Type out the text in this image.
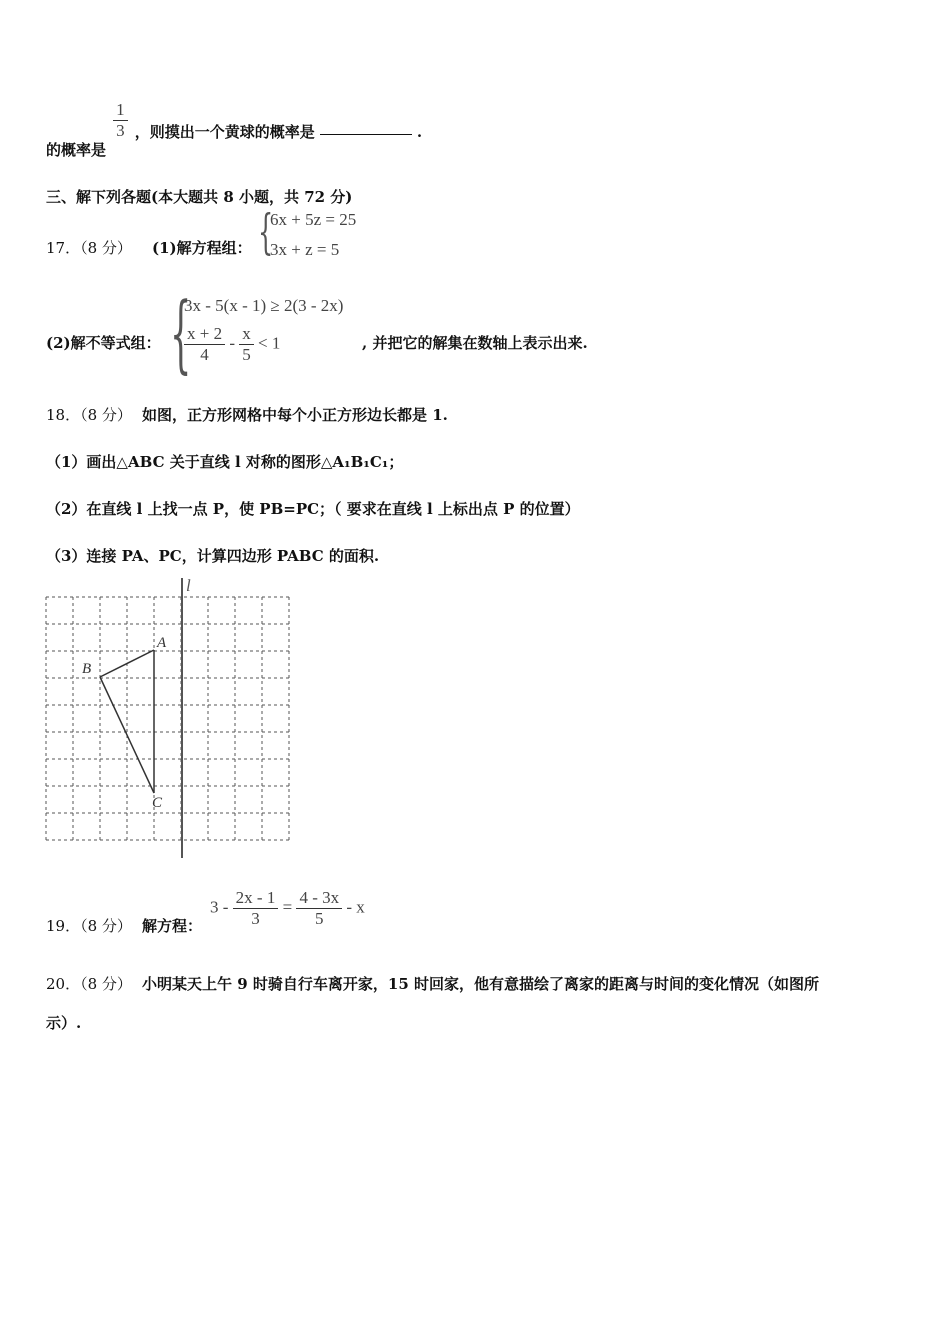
的概率是
$\frac{1}{3}$ ，则摸出一个黄球的概率是	.
三、解下列各题(本大题共 8 小题，共 72 分)
17．（8 分） (1)解方程组： {
6x + 5z = 25
3x + z = 5
(2)解不等式组： {
3x - 5(x - 1) ≥ 2(3 - 2x)
$\frac{x + 2}{4} - \frac{x}{5} < 1$	, 并把它的解集在数轴上表示出来.
18．（8 分） 如图，正方形网格中每个小正方形边长都是 1.
（1）画出△ABC 关于直线 l 对称的图形△A₁B₁C₁；
（2）在直线 l 上找一点 P，使 PB=PC；（ 要求在直线 l 上标出点 P 的位置）
（3）连接 PA、PC，计算四边形 PABC 的面积.
l
A
B
C
19．（8 分） 解方程：
$3 - \frac{2x - 1}{3} = \frac{4 - 3x}{5} - x$
20．（8 分） 小明某天上午 9 时骑自行车离开家，15 时回家，他有意描绘了离家的距离与时间的变化情况（如图所
示）.
